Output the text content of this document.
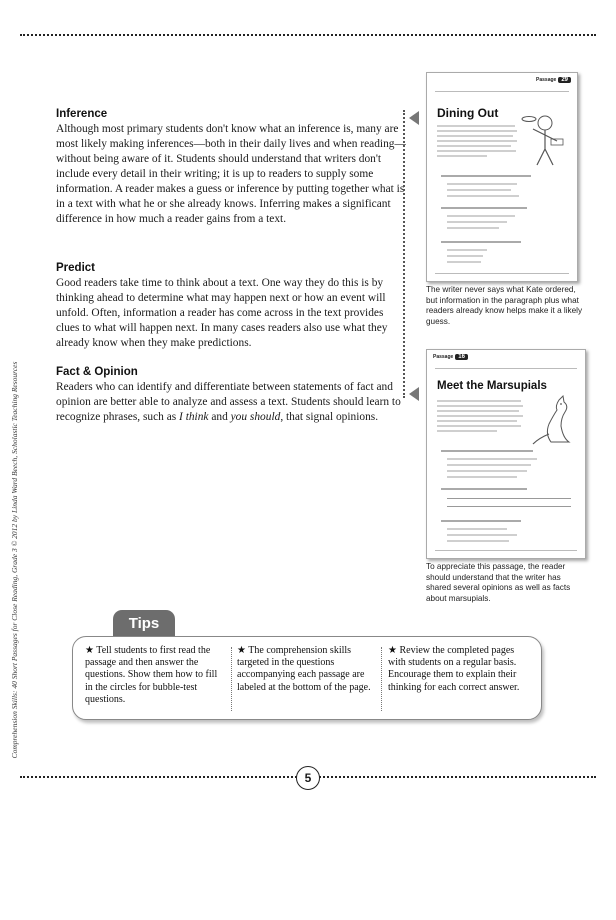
Comprehension Skills: 40 Short Passages for Close Reading, Grade 3 © 2012 by Linda Ward Beech, Scholastic Teaching Resources
Inference

Although most primary students don't know what an inference is, many are most likely making inferences—both in their daily lives and when reading—without being aware of it. Students should understand that writers don't include every detail in their writing; it is up to readers to supply some information. A reader makes a guess or inference by putting together what is in a text with what he or she already knows. Inferring makes a significant difference in how much a reader gains from a text.

Predict

Good readers take time to think about a text. One way they do this is by thinking ahead to determine what may happen next or how an event will unfold. Often, information a reader has come across in the text provides clues to what will happen next. In many cases readers also use what they already know when they make predictions.

Fact & Opinion

Readers who can identify and differentiate between statements of fact and opinion are better able to analyze and assess a text. Students should learn to recognize phrases, such as I think and you should, that signal opinions.

Passage 29
Dining Out
The writer never says what Kate ordered, but information in the paragraph plus what readers already know helps make it a likely guess.
Passage 16
Meet the Marsupials
To appreciate this passage, the reader should understand that the writer has shared several opinions as well as facts about marsupials.
Tips
★ Tell students to first read the passage and then answer the questions. Show them how to fill in the circles for bubble-test questions.
★ The comprehension skills targeted in the questions accompanying each passage are labeled at the bottom of the page.
★ Review the completed pages with students on a regular basis. Encourage them to explain their thinking for each correct answer.
5
